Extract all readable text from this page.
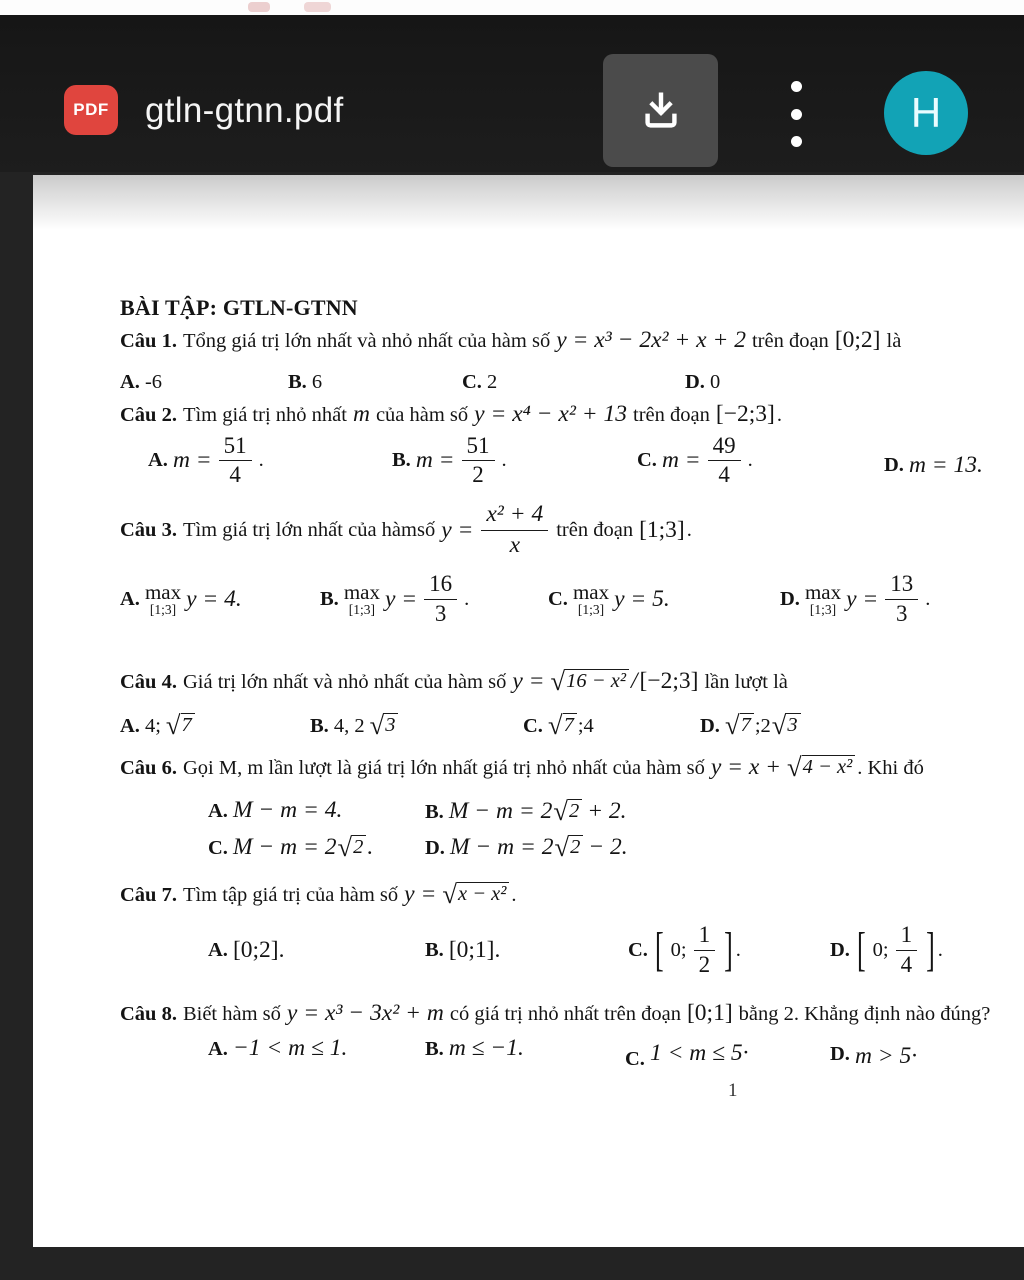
PDF gtln-gtnn.pdf	H
BÀI TẬP: GTLN-GTNN
Câu 1. Tổng giá trị lớn nhất và nhỏ nhất của hàm số y = x³ − 2x² + x + 2 trên đoạn [0;2] là
A. -6	B. 6	C. 2	D. 0
Câu 2. Tìm giá trị nhỏ nhất m của hàm số y = x⁴ − x² + 13 trên đoạn [−2;3] .
A. $m = \frac{51}{4}$ .	B. $m = \frac{51}{2}$ .	C. $m = \frac{49}{4}$ .	D. m = 13.
Câu 3. Tìm giá trị lớn nhất của hàmsố $y = \frac{\text{x² + 4}}{x}$ trên đoạn [1;3] .
A. max
[1;3] y = 4.	B. max
[1;3] $y = \frac{16}{3}$ .	C. max
[1;3] y = 5.	D. max
[1;3] $y = \frac{13}{3}$ .
Câu 4. Giá trị lớn nhất và nhỏ nhất của hàm số y = √ 16 − x² / [−2;3] lần lượt là
A. 4; √ 7	B. 4, 2 √ 3	C. √ 7 ;4	D. √ 7 ;2 √ 3
Câu 6. Gọi M, m lần lượt là giá trị lớn nhất giá trị nhỏ nhất của hàm số y = x + √ 4 − x² . Khi đó
A. M − m = 4.	B. M − m = 2 √ 2 + 2.
C. M − m = 2 √ 2 .	D. M − m = 2 √ 2 − 2.
Câu 7. Tìm tập giá trị của hàm số y = √ x − x² .
A. [0;2].	B. [0;1].	C. [ 0; $\frac{1}{2}$ ] .	D. [ 0; $\frac{1}{4}$ ] .
Câu 8. Biết hàm số y = x³ − 3x² + m có giá trị nhỏ nhất trên đoạn [0;1] bằng 2. Khẳng định nào đúng?
A. −1 < m ≤ 1.	B. m ≤ −1.	C. 1 < m ≤ 5·	D. m > 5·
1
